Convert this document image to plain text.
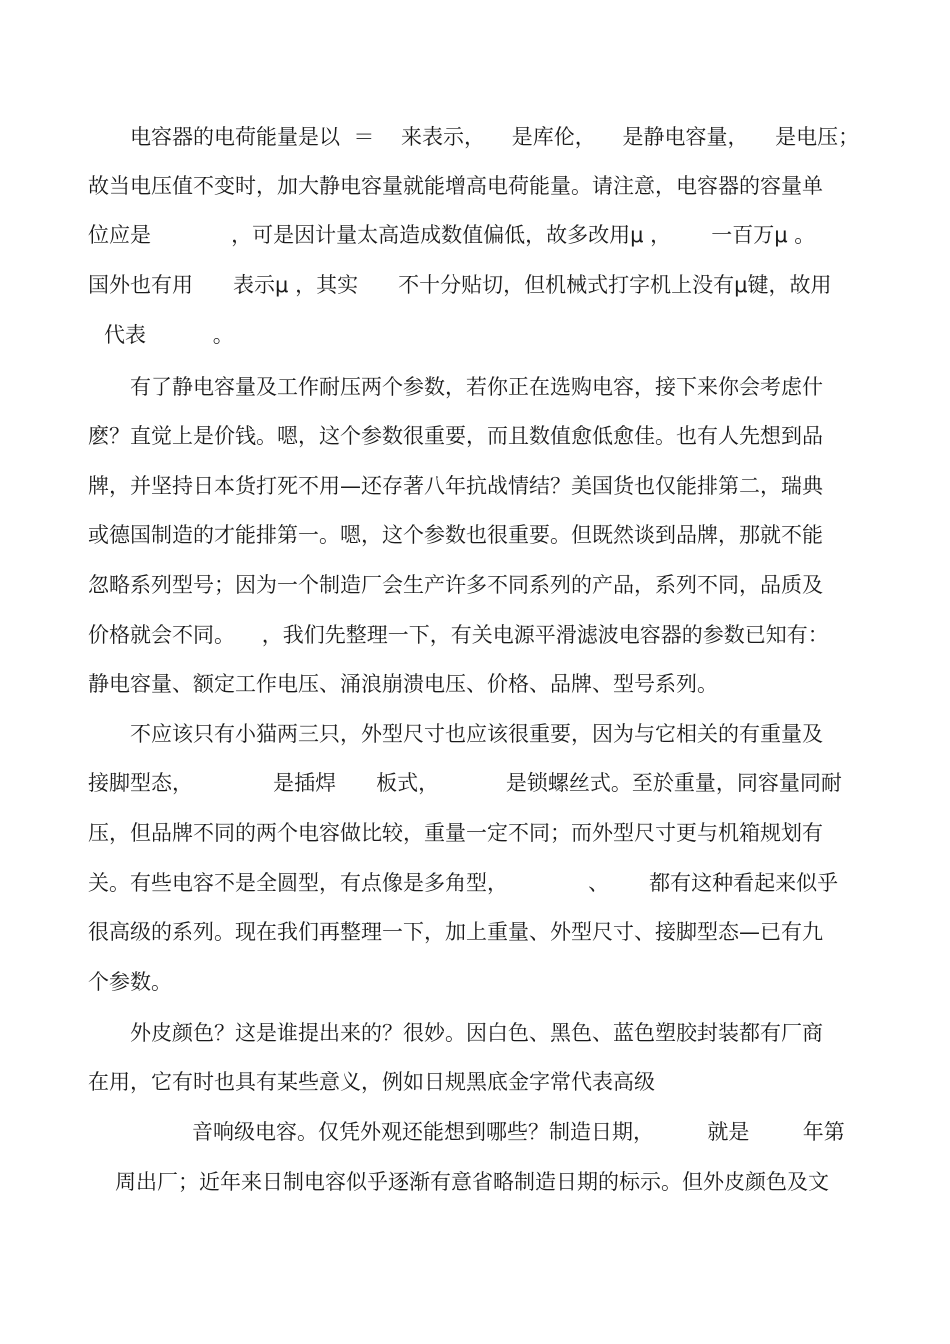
电容器的电荷能量是以  ＝    来表示，    是库伦，    是静电容量，    是电压；
故当电压值不变时，加大静电容量就能增高电荷能量。请注意，电容器的容量单
位应是            ，可是因计量太高造成数值偏低，故多改用μ ，      一百万μ 。
国外也有用      表示μ ，其实      不十分贴切，但机械式打字机上没有μ键，故用
代表          。
有了静电容量及工作耐压两个参数，若你正在选购电容，接下来你会考虑什
麽？直觉上是价钱。嗯，这个参数很重要，而且数值愈低愈佳。也有人先想到品
牌，并坚持日本货打死不用—还存著八年抗战情结？美国货也仅能排第二，瑞典
或德国制造的才能排第一。嗯，这个参数也很重要。但既然谈到品牌，那就不能
忽略系列型号；因为一个制造厂会生产许多不同系列的产品，系列不同，品质及
价格就会不同。    ，我们先整理一下，有关电源平滑滤波电容器的参数已知有：
静电容量、额定工作电压、涌浪崩溃电压、价格、品牌、型号系列。
不应该只有小猫两三只，外型尺寸也应该很重要，因为与它相关的有重量及
接脚型态，            是插焊      板式，          是锁螺丝式。至於重量，同容量同耐
压，但品牌不同的两个电容做比较，重量一定不同；而外型尺寸更与机箱规划有
关。有些电容不是全圆型，有点像是多角型，            、      都有这种看起来似乎
很高级的系列。现在我们再整理一下，加上重量、外型尺寸、接脚型态—已有九
个参数。
外皮颜色？这是谁提出来的？很妙。因白色、黑色、蓝色塑胶封装都有厂商
在用，它有时也具有某些意义，例如日规黑底金字常代表高级
音响级电容。仅凭外观还能想到哪些？制造日期，        就是        年第
周出厂；近年来日制电容似乎逐渐有意省略制造日期的标示。但外皮颜色及文
